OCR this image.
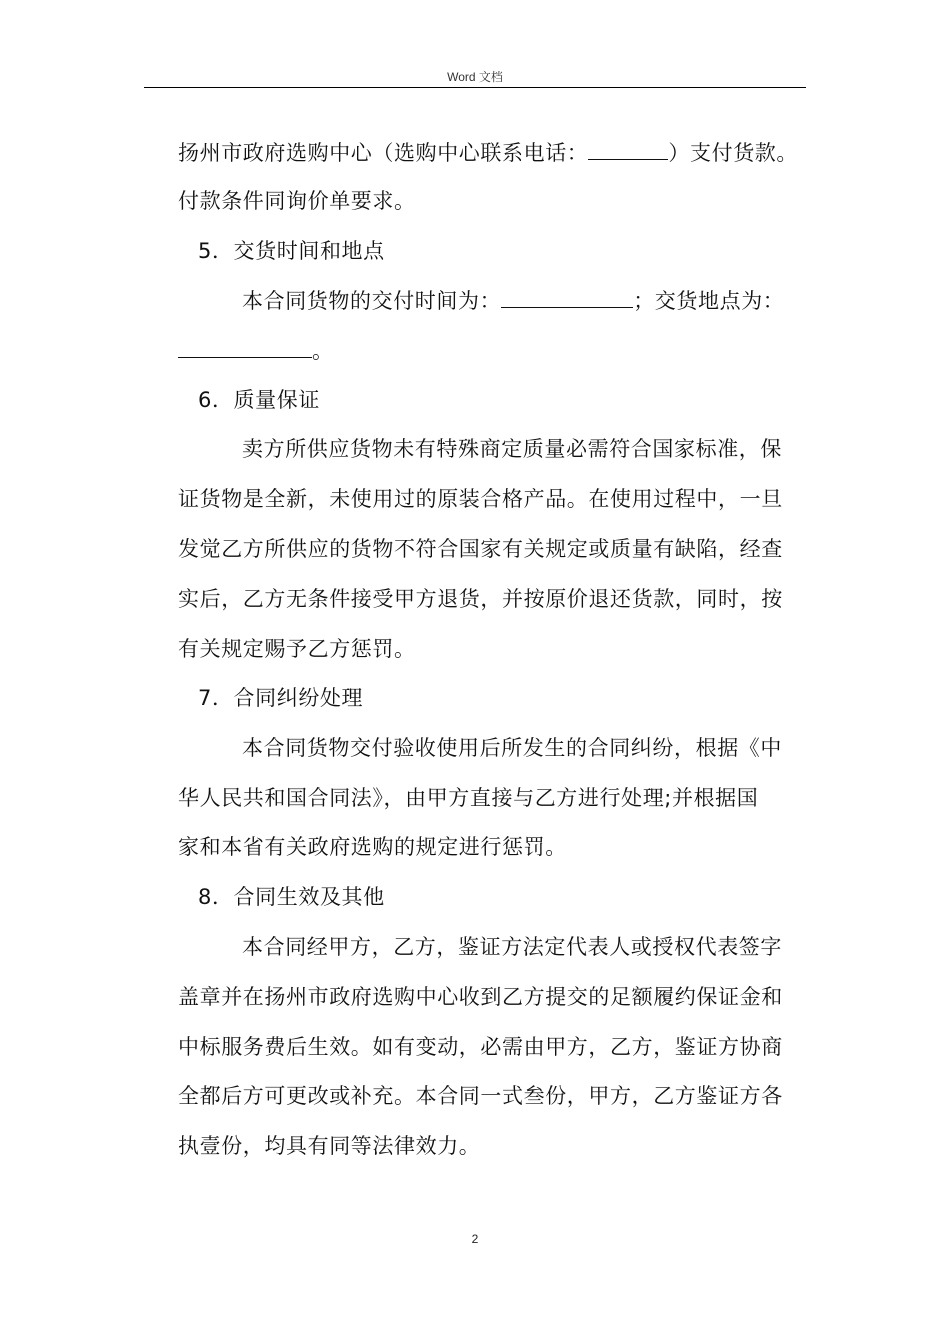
Word 文档
扬州市政府选购中心（选购中心联系电话：	）支付货款。
付款条件同询价单要求。
5．交货时间和地点
本合同货物的交付时间为：	；交货地点为：
。
6．质量保证
卖方所供应货物未有特殊商定质量必需符合国家标准，保
证货物是全新，未使用过的原装合格产品。在使用过程中，一旦
发觉乙方所供应的货物不符合国家有关规定或质量有缺陷，经查
实后，乙方无条件接受甲方退货，并按原价退还货款，同时，按
有关规定赐予乙方惩罚。
7．合同纠纷处理
本合同货物交付验收使用后所发生的合同纠纷，根据《中
华人民共和国合同法》，由甲方直接与乙方进行处理;并根据国
家和本省有关政府选购的规定进行惩罚。
8．合同生效及其他
本合同经甲方，乙方，鉴证方法定代表人或授权代表签字
盖章并在扬州市政府选购中心收到乙方提交的足额履约保证金和
中标服务费后生效。如有变动，必需由甲方，乙方，鉴证方协商
全都后方可更改或补充。本合同一式叁份，甲方，乙方鉴证方各
执壹份，均具有同等法律效力。
2
